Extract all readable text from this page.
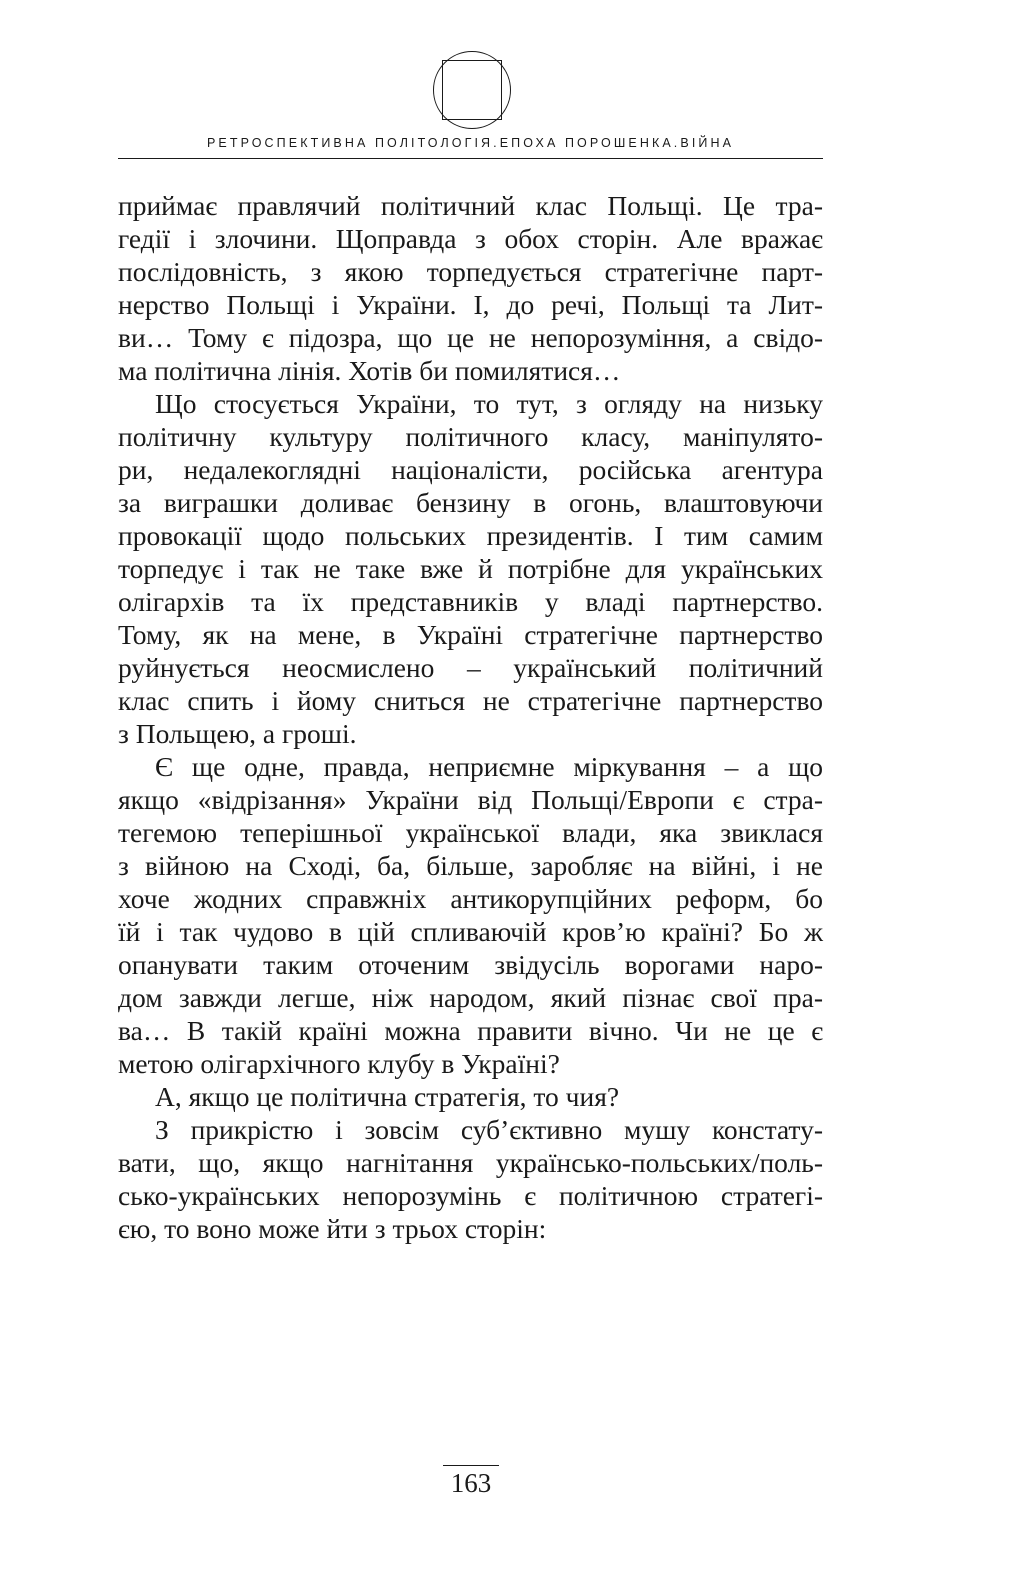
РЕТРОСПЕКТИВНА ПОЛІТОЛОГІЯ.ЕПОХА ПОРОШЕНКА.ВІЙНА
приймає правлячий політичний клас Польщі. Це тра-
гедії і злочини. Щоправда з обох сторін. Але вражає
послідовність, з якою торпедується стратегічне парт-
нерство Польщі і України. І, до речі, Польщі та Лит-
ви… Тому є підозра, що це не непорозуміння, а свідо-
ма політична лінія. Хотів би помилятися…
Що стосується України, то тут, з огляду на низьку
політичну культуру політичного класу, маніпулято-
ри, недалекоглядні націоналісти, російська агентура
за виграшки доливає бензину в огонь, влаштовуючи
провокації щодо польських президентів. І тим самим
торпедує і так не таке вже й потрібне для українських
олігархів та їх представників у владі партнерство.
Тому, як на мене, в Україні стратегічне партнерство
руйнується неосмислено – український політичний
клас спить і йому сниться не стратегічне партнерство
з Польщею, а гроші.
Є ще одне, правда, неприємне міркування – а що
якщо «відрізання» України від Польщі/Европи є стра-
тегемою теперішньої української влади, яка звиклася
з війною на Сході, ба, більше, заробляє на війні, і не
хоче жодних справжніх антикорупційних реформ, бо
їй і так чудово в цій спливаючій кров’ю країні? Бо ж
опанувати таким оточеним звідусіль ворогами наро-
дом завжди легше, ніж народом, який пізнає свої пра-
ва… В такій країні можна правити вічно. Чи не це є
метою олігархічного клубу в Україні?
А, якщо це політична стратегія, то чия?
З прикрістю і зовсім суб’єктивно мушу констату-
вати, що, якщо нагнітання українсько-польських/поль-
сько-українських непорозумінь є політичною стратегі-
єю, то воно може йти з трьох сторін:
163
